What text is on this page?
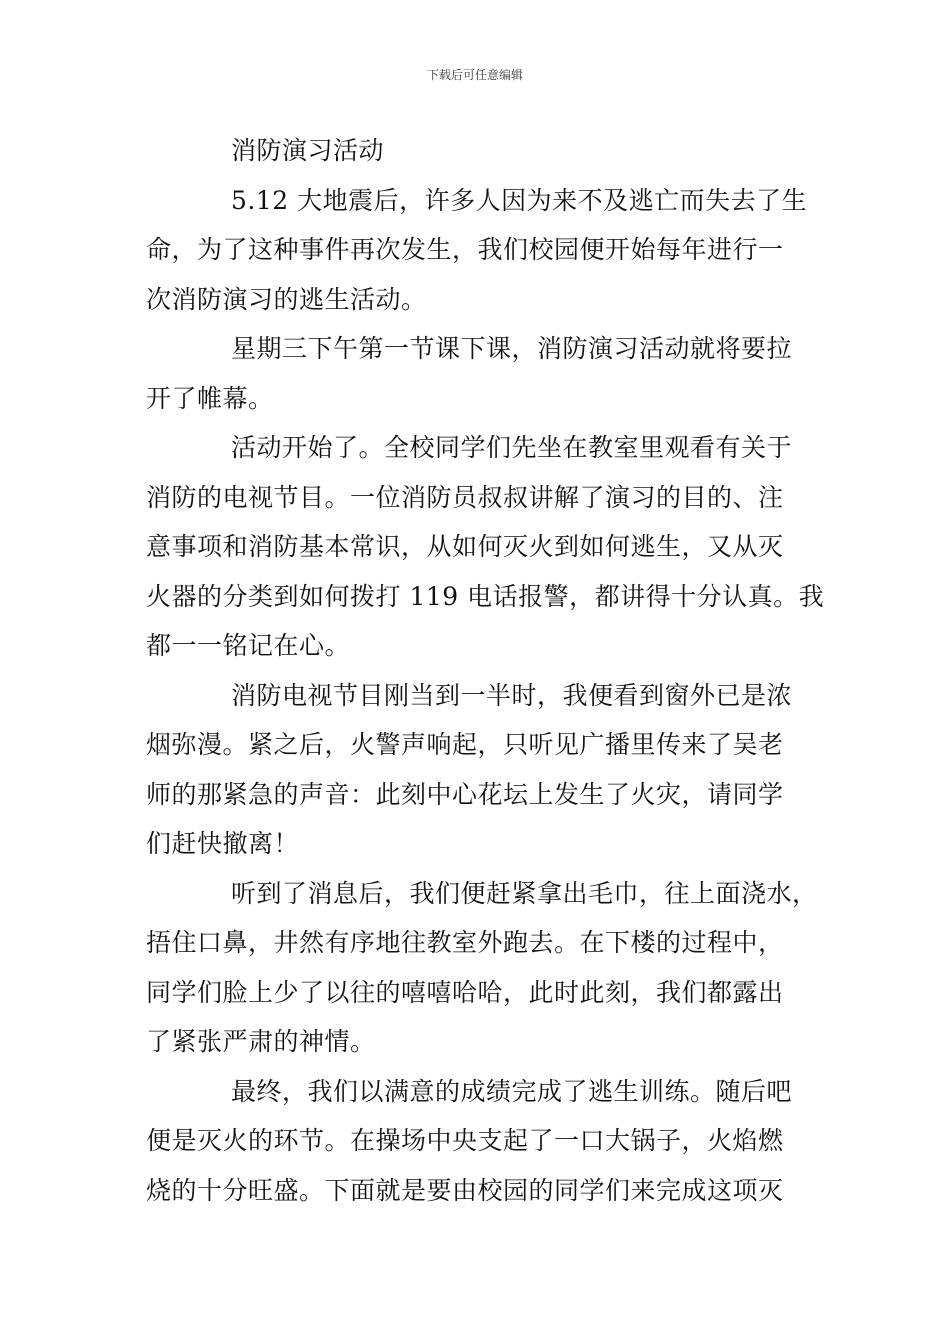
下载后可任意编辑
消防演习活动
5.12 大地震后，许多人因为来不及逃亡而失去了生
命，为了这种事件再次发生，我们校园便开始每年进行一
次消防演习的逃生活动。
星期三下午第一节课下课，消防演习活动就将要拉
开了帷幕。
活动开始了。全校同学们先坐在教室里观看有关于
消防的电视节目。一位消防员叔叔讲解了演习的目的、注
意事项和消防基本常识，从如何灭火到如何逃生，又从灭
火器的分类到如何拨打 119 电话报警，都讲得十分认真。我
都一一铭记在心。
消防电视节目刚当到一半时，我便看到窗外已是浓
烟弥漫。紧之后，火警声响起，只听见广播里传来了吴老
师的那紧急的声音：此刻中心花坛上发生了火灾，请同学
们赶快撤离！
听到了消息后，我们便赶紧拿出毛巾，往上面浇水，
捂住口鼻，井然有序地往教室外跑去。在下楼的过程中，
同学们脸上少了以往的嘻嘻哈哈，此时此刻，我们都露出
了紧张严肃的神情。
最终，我们以满意的成绩完成了逃生训练。随后吧
便是灭火的环节。在操场中央支起了一口大锅子，火焰燃
烧的十分旺盛。下面就是要由校园的同学们来完成这项灭
